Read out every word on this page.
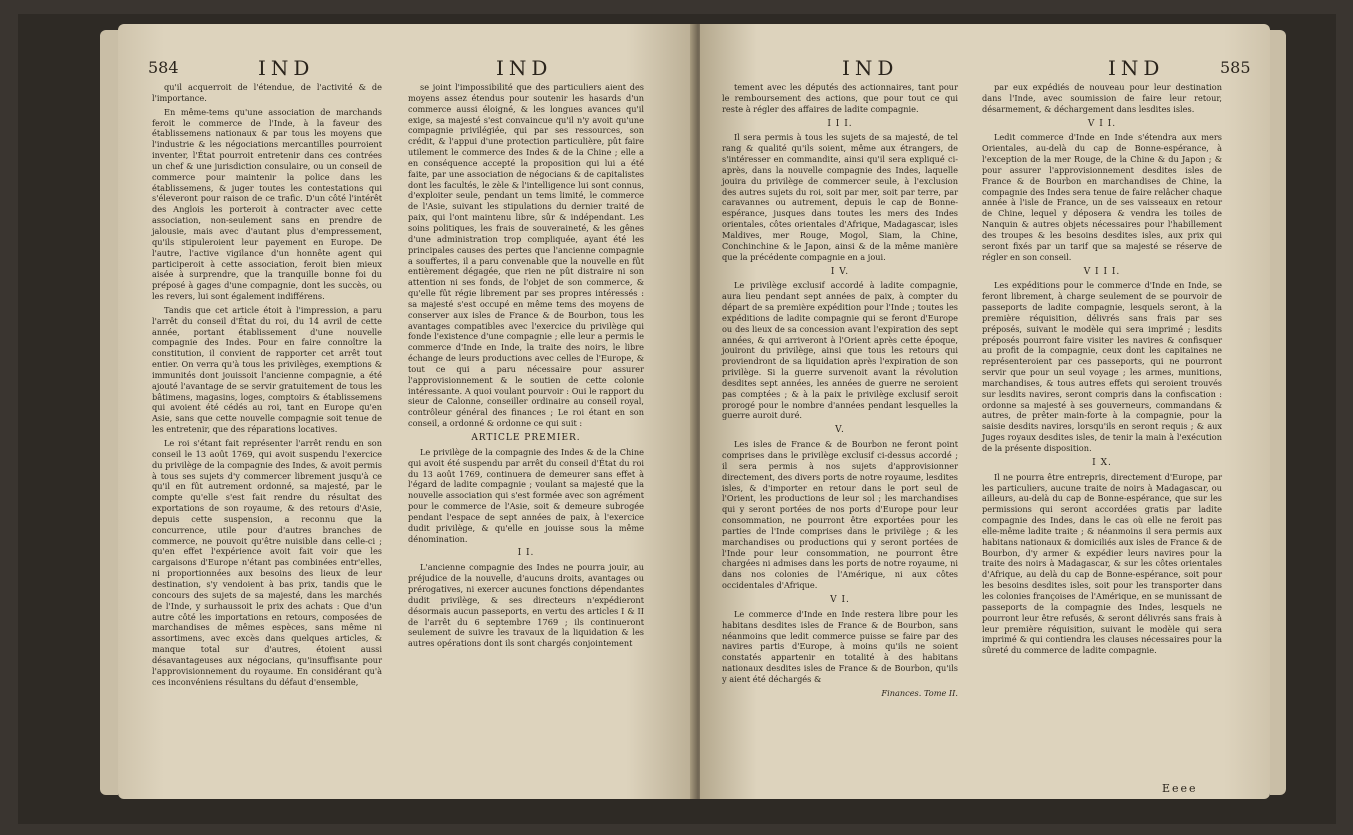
584	IND	IND

qu'il acquerroit de l'étendue, de l'activité & de l'importance.

En même-tems qu'une association de marchands feroit le commerce de l'Inde, à la faveur des établissemens nationaux & par tous les moyens que l'industrie & les négociations mercantilles pourroient inventer, l'État pourroit entretenir dans ces contrées un chef & une jurisdiction consulaire, ou un conseil de commerce pour maintenir la police dans les établissemens, & juger toutes les contestations qui s'éleveront pour raison de ce trafic. D'un côté l'intérêt des Anglois les porteroit à contracter avec cette association, non-seulement sans en prendre de jalousie, mais avec d'autant plus d'empressement, qu'ils stipuleroient leur payement en Europe. De l'autre, l'active vigilance d'un honnête agent qui participeroit à cette association, feroit bien mieux aisée à surprendre, que la tranquille bonne foi du préposé à gages d'une compagnie, dont les succès, ou les revers, lui sont également indifférens.

Tandis que cet article étoit à l'impression, a paru l'arrêt du conseil d'État du roi, du 14 avril de cette année, portant établissement d'une nouvelle compagnie des Indes. Pour en faire connoître la constitution, il convient de rapporter cet arrêt tout entier. On verra qu'à tous les privilèges, exemptions & immunités dont jouissoit l'ancienne compagnie, a été ajouté l'avantage de se servir gratuitement de tous les bâtimens, magasins, loges, comptoirs & établissemens qui avoient été cédés au roi, tant en Europe qu'en Asie, sans que cette nouvelle compagnie soit tenue de les entretenir, que des réparations locatives.

Le roi s'étant fait représenter l'arrêt rendu en son conseil le 13 août 1769, qui avoit suspendu l'exercice du privilège de la compagnie des Indes, & avoit permis à tous ses sujets d'y commercer librement jusqu'à ce qu'il en fût autrement ordonné, sa majesté, par le compte qu'elle s'est fait rendre du résultat des exportations de son royaume, & des retours d'Asie, depuis cette suspension, a reconnu que la concurrence, utile pour d'autres branches de commerce, ne pouvoit qu'être nuisible dans celle-ci ; qu'en effet l'expérience avoit fait voir que les cargaisons d'Europe n'étant pas combinées entr'elles, ni proportionnées aux besoins des lieux de leur destination, s'y vendoient à bas prix, tandis que le concours des sujets de sa majesté, dans les marchés de l'Inde, y surhaussoit le prix des achats : Que d'un autre côté les importations en retours, composées de marchandises de mêmes espèces, sans même ni assortimens, avec excès dans quelques articles, & manque total sur d'autres, étoient aussi désavantageuses aux négocians, qu'insuffisante pour l'approvisionnement du royaume. En considérant qu'à ces inconvéniens résultans du défaut d'ensemble,

se joint l'impossibilité que des particuliers aient des moyens assez étendus pour soutenir les hasards d'un commerce aussi éloigné, & les longues avances qu'il exige, sa majesté s'est convaincue qu'il n'y avoit qu'une compagnie privilégiée, qui par ses ressources, son crédit, & l'appui d'une protection particulière, pût faire utilement le commerce des Indes & de la Chine ; elle a en conséquence accepté la proposition qui lui a été faite, par une association de négocians & de capitalistes dont les facultés, le zèle & l'intelligence lui sont connus, d'exploiter seule, pendant un tems limité, le commerce de l'Asie, suivant les stipulations du dernier traité de paix, qui l'ont maintenu libre, sûr & indépendant. Les soins politiques, les frais de souveraineté, & les gênes d'une administration trop compliquée, ayant été les principales causes des pertes que l'ancienne compagnie a souffertes, il a paru convenable que la nouvelle en fût entièrement dégagée, que rien ne pût distraire ni son attention ni ses fonds, de l'objet de son commerce, & qu'elle fût régie librement par ses propres intéressés : sa majesté s'est occupé en même tems des moyens de conserver aux isles de France & de Bourbon, tous les avantages compatibles avec l'exercice du privilège qui fonde l'existence d'une compagnie ; elle leur a permis le commerce d'Inde en Inde, la traite des noirs, le libre échange de leurs productions avec celles de l'Europe, & tout ce qui a paru nécessaire pour assurer l'approvisionnement & le soutien de cette colonie intéressante. A quoi voulant pourvoir : Oui le rapport du sieur de Calonne, conseiller ordinaire au conseil royal, contrôleur général des finances ; Le roi étant en son conseil, a ordonné & ordonne ce qui suit :

ARTICLE PREMIER.

Le privilège de la compagnie des Indes & de la Chine qui avoit été suspendu par arrêt du conseil d'État du roi du 13 août 1769, continuera de demeurer sans effet à l'égard de ladite compagnie ; voulant sa majesté que la nouvelle association qui s'est formée avec son agrément pour le commerce de l'Asie, soit & demeure subrogée pendant l'espace de sept années de paix, à l'exercice dudit privilège, & qu'elle en jouisse sous la même dénomination.

I I.

L'ancienne compagnie des Indes ne pourra jouir, au préjudice de la nouvelle, d'aucuns droits, avantages ou prérogatives, ni exercer aucunes fonctions dépendantes dudit privilège, & ses directeurs n'expédieront désormais aucun passeports, en vertu des articles I & II de l'arrêt du 6 septembre 1769 ; ils continueront seulement de suivre les travaux de la liquidation & les autres opérations dont ils sont chargés conjointement

IND	IND	585

tement avec les députés des actionnaires, tant pour le remboursement des actions, que pour tout ce qui reste à régler des affaires de ladite compagnie.

I I I.

Il sera permis à tous les sujets de sa majesté, de tel rang & qualité qu'ils soient, même aux étrangers, de s'intéresser en commandite, ainsi qu'il sera expliqué ci-après, dans la nouvelle compagnie des Indes, laquelle jouira du privilège de commercer seule, à l'exclusion des autres sujets du roi, soit par mer, soit par terre, par caravannes ou autrement, depuis le cap de Bonne-espérance, jusques dans toutes les mers des Indes orientales, côtes orientales d'Afrique, Madagascar, isles Maldives, mer Rouge, Mogol, Siam, la Chine, Conchinchine & le Japon, ainsi & de la même manière que la précédente compagnie en a joui.

I V.

Le privilège exclusif accordé à ladite compagnie, aura lieu pendant sept années de paix, à compter du départ de sa première expédition pour l'Inde ; toutes les expéditions de ladite compagnie qui se feront d'Europe ou des lieux de sa concession avant l'expiration des sept années, & qui arriveront à l'Orient après cette époque, jouiront du privilège, ainsi que tous les retours qui proviendront de sa liquidation après l'expiration de son privilège. Si la guerre survenoit avant la révolution desdites sept années, les années de guerre ne seroient pas comptées ; & à la paix le privilège exclusif seroit prorogé pour le nombre d'années pendant lesquelles la guerre auroit duré.

V.

Les isles de France & de Bourbon ne feront point comprises dans le privilège exclusif ci-dessus accordé ; il sera permis à nos sujets d'approvisionner directement, des divers ports de notre royaume, lesdites isles, & d'importer en retour dans le port seul de l'Orient, les productions de leur sol ; les marchandises qui y seront portées de nos ports d'Europe pour leur consommation, ne pourront être exportées pour les parties de l'Inde comprises dans le privilège ; & les marchandises ou productions qui y seront portées de l'Inde pour leur consommation, ne pourront être chargées ni admises dans les ports de notre royaume, ni dans nos colonies de l'Amérique, ni aux côtes occidentales d'Afrique.

V I.

Le commerce d'Inde en Inde restera libre pour les habitans desdites isles de France & de Bourbon, sans néanmoins que ledit commerce puisse se faire par des navires partis d'Europe, à moins qu'ils ne soient constatés appartenir en totalité à des habitans nationaux desdites isles de France & de Bourbon, qu'ils y aient été déchargés &

Finances. Tome II.

par eux expédiés de nouveau pour leur destination dans l'Inde, avec soumission de faire leur retour, désarmement, & déchargement dans lesdites isles.

V I I.

Ledit commerce d'Inde en Inde s'étendra aux mers Orientales, au-delà du cap de Bonne-espérance, à l'exception de la mer Rouge, de la Chine & du Japon ; & pour assurer l'approvisionnement desdites isles de France & de Bourbon en marchandises de Chine, la compagnie des Indes sera tenue de faire relâcher chaque année à l'isle de France, un de ses vaisseaux en retour de Chine, lequel y déposera & vendra les toiles de Nanquin & autres objets nécessaires pour l'habillement des troupes & les besoins desdites isles, aux prix qui seront fixés par un tarif que sa majesté se réserve de régler en son conseil.

V I I I.

Les expéditions pour le commerce d'Inde en Inde, se feront librement, à charge seulement de se pourvoir de passeports de ladite compagnie, lesquels seront, à la première réquisition, délivrés sans frais par ses préposés, suivant le modèle qui sera imprimé ; lesdits préposés pourront faire visiter les navires & confisquer au profit de la compagnie, ceux dont les capitaines ne représenteroient par ces passeports, qui ne pourront servir que pour un seul voyage ; les armes, munitions, marchandises, & tous autres effets qui seroient trouvés sur lesdits navires, seront compris dans la confiscation : ordonne sa majesté à ses gouverneurs, commandans & autres, de prêter main-forte à la compagnie, pour la saisie desdits navires, lorsqu'ils en seront requis ; & aux Juges royaux desdites isles, de tenir la main à l'exécution de la présente disposition.

I X.

Il ne pourra être entrepris, directement d'Europe, par les particuliers, aucune traite de noirs à Madagascar, ou ailleurs, au-delà du cap de Bonne-espérance, que sur les permissions qui seront accordées gratis par ladite compagnie des Indes, dans le cas où elle ne feroit pas elle-même ladite traite ; & néanmoins il sera permis aux habitans nationaux & domiciliés aux isles de France & de Bourbon, d'y armer & expédier leurs navires pour la traite des noirs à Madagascar, & sur les côtes orientales d'Afrique, au delà du cap de Bonne-espérance, soit pour les besoins desdites isles, soit pour les transporter dans les colonies françoises de l'Amérique, en se munissant de passeports de la compagnie des Indes, lesquels ne pourront leur être refusés, & seront délivrés sans frais à leur première réquisition, suivant le modèle qui sera imprimé & qui contiendra les clauses nécessaires pour la sûreté du commerce de ladite compagnie.

Eeee
